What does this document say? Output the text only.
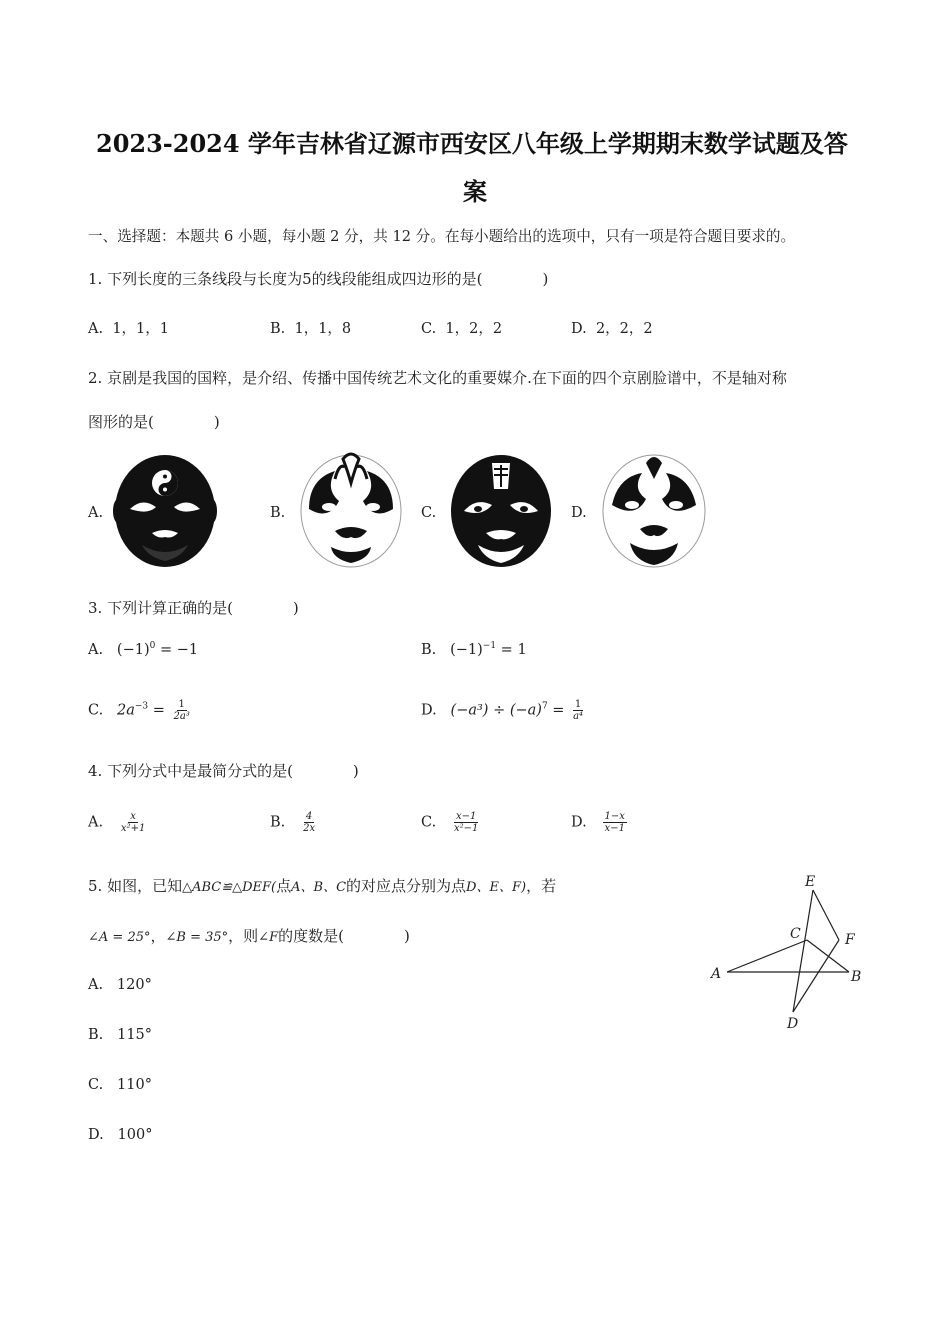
2023-2024 学年吉林省辽源市西安区八年级上学期期末数学试题及答
案
一、选择题：本题共 6 小题，每小题 2 分，共 12 分。在每小题给出的选项中，只有一项是符合题目要求的。
1. 下列长度的三条线段与长度为5的线段能组成四边形的是(　　　　)
A. 1，1，1	B. 1，1，8	C. 1，2，2	D. 2，2，2
2. 京剧是我国的国粹，是介绍、传播中国传统艺术文化的重要媒介.在下面的四个京剧脸谱中，不是轴对称
图形的是(　　　　)
A.	B.	C.	D.
3. 下列计算正确的是(　　　　)
A. $(-1)^0 = -1$	B. $(-1)^{-1} = 1$
C. $2a^{-3} = \frac{1}{\text{2a³}}$	D. $(-a^3) \div (-a)^7 = \frac{1}{\text{a⁴}}$
4. 下列分式中是最简分式的是(　　　　)
A. $\frac{x}{\text{x²+1}}$	B. $\frac{4}{2x}$	C. $\frac{x-1}{\text{x²−1}}$	D. $\frac{1-x}{x-1}$
5. 如图，已知△ABC≌△DEF(点A、B、C的对应点分别为点D、E、F)，若
∠A = 25°，∠B = 35°，则∠F的度数是(　　　　)
A. 120°
B. 115°
C. 110°
D. 100°
E
C	F
A	B
D
